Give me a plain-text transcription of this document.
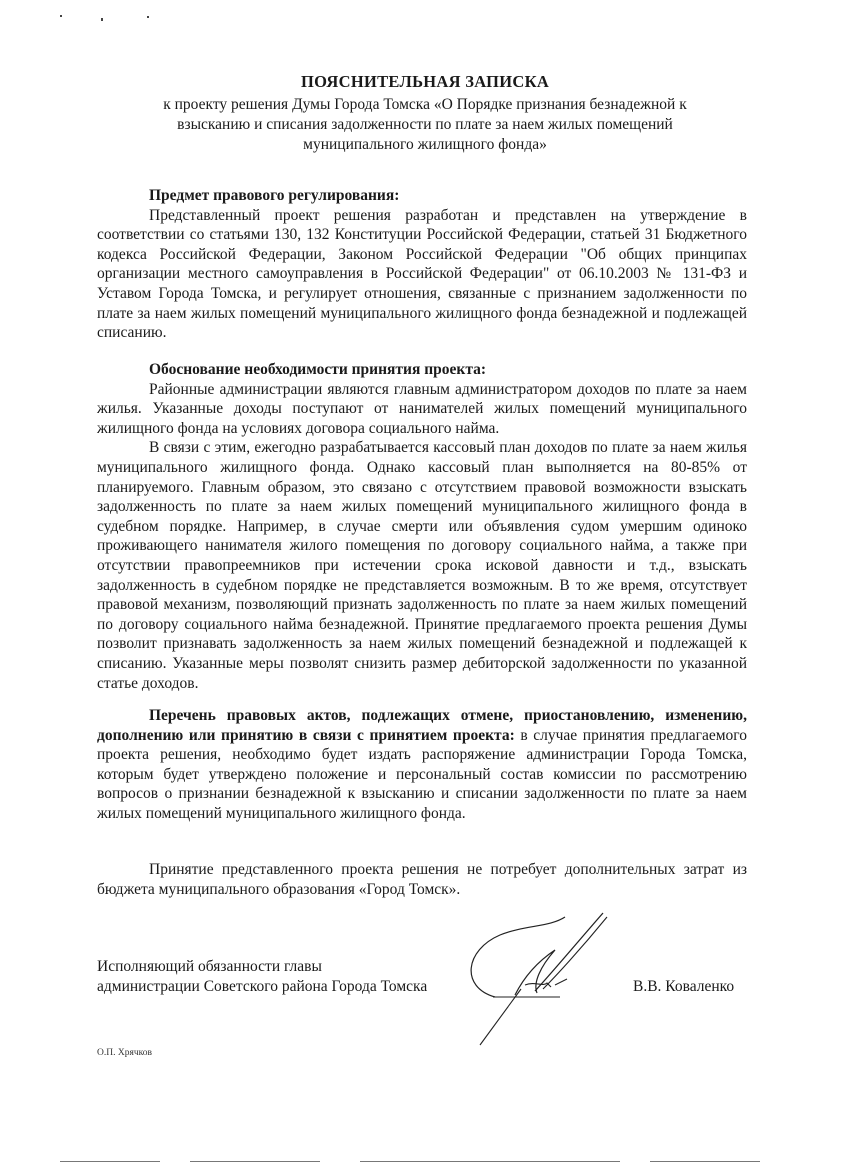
ПОЯСНИТЕЛЬНАЯ ЗАПИСКА
к проекту решения Думы Города Томска «О Порядке признания безнадежной к
взысканию и списания задолженности по плате за наем жилых помещений
муниципального жилищного фонда»

Предмет правового регулирования:

Представленный проект решения разработан и представлен на утверждение в соответствии со статьями 130, 132 Конституции Российской Федерации, статьей 31 Бюджетного кодекса Российской Федерации, Законом Российской Федерации "Об общих принципах организации местного самоуправления в Российской Федерации" от 06.10.2003 № 131-ФЗ и Уставом Города Томска, и регулирует отношения, связанные с признанием задолженности по плате за наем жилых помещений муниципального жилищного фонда безнадежной и подлежащей списанию.

Обоснование необходимости принятия проекта:

Районные администрации являются главным администратором доходов по плате за наем жилья. Указанные доходы поступают от нанимателей жилых помещений муниципального жилищного фонда на условиях договора социального найма.

В связи с этим, ежегодно разрабатывается кассовый план доходов по плате за наем жилья муниципального жилищного фонда. Однако кассовый план выполняется на 80-85% от планируемого. Главным образом, это связано с отсутствием правовой возможности взыскать задолженность по плате за наем жилых помещений муниципального жилищного фонда в судебном порядке. Например, в случае смерти или объявления судом умершим одиноко проживающего нанимателя жилого помещения по договору социального найма, а также при отсутствии правопреемников при истечении срока исковой давности и т.д., взыскать задолженность в судебном порядке не представляется возможным. В то же время, отсутствует правовой механизм, позволяющий признать задолженность по плате за наем жилых помещений по договору социального найма безнадежной. Принятие предлагаемого проекта решения Думы позволит признавать задолженность за наем жилых помещений безнадежной и подлежащей к списанию. Указанные меры позволят снизить размер дебиторской задолженности по указанной статье доходов.

Перечень правовых актов, подлежащих отмене, приостановлению, изменению, дополнению или принятию в связи с принятием проекта: в случае принятия предлагаемого проекта решения, необходимо будет издать распоряжение администрации Города Томска, которым будет утверждено положение и персональный состав комиссии по рассмотрению вопросов о признании безнадежной к взысканию и списании задолженности по плате за наем жилых помещений муниципального жилищного фонда.

Принятие представленного проекта решения не потребует дополнительных затрат из бюджета муниципального образования «Город Томск».

Исполняющий обязанности главы
администрации Советского района Города Томска	В.В. Коваленко
О.П. Хрячков
